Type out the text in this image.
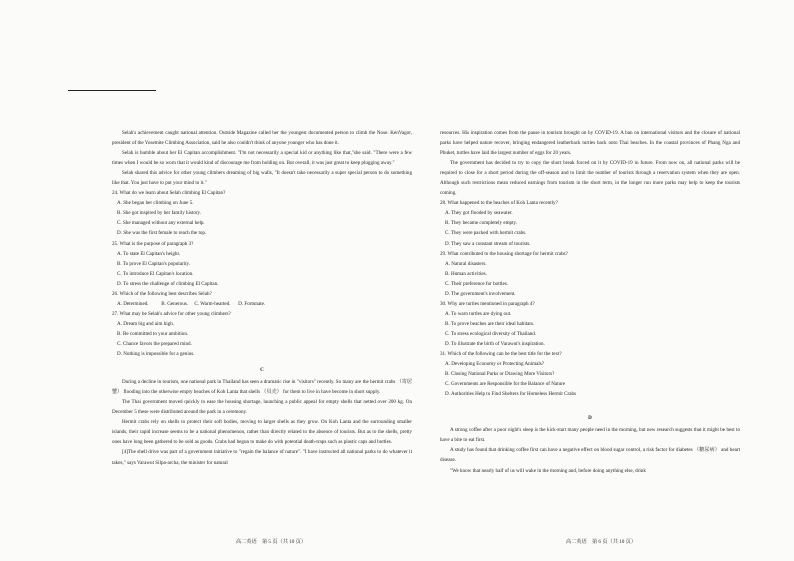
Selah's achievement caught national attention. Outside Magazine called her the youngest documented person to climb the Nose. KenVagor, president of the Yosemite Climbing Association, said he also couldn't think of anyone younger who has done it.

Selah is humble about her El Capitan accomplishment. "I'm not necessarily a special kid or anything like that,"she said. "There were a few times when I would be so worn that it would kind of discourage me from holding on. But overall, it was just great to keep plugging away."

Selah shared this advice for other young climbers dreaming of big walls, "It doesn't take necessarily a super special person to do something like that. You just have to put your mind to it."

24. What do we learn about Selah climbing El Capitan?

A. She began her climbing on June 5.

B. She got inspired by her family history.

C. She managed without any external help.

D. She was the first female to reach the top.

25. What is the purpose of paragraph 3?

A. To state El Capitan's height.

B. To prove El Capitan's popularity.

C. To introduce El Capitan's location.

D. To stress the challenge of climbing El Capitan.

26. Which of the following best describes Selah?

A. Determined.          B. Generous.     C. Warm-hearted.      D. Fortunate.

27. What may be Selah's advice for other young climbers?

A. Dream big and aim high.

B. Be committed to your ambition.

C. Chance favors the prepared mind.

D. Nothing is impossible for a genius.

C

During a decline in tourism, one national park in Thailand has seen a dramatic rise in "visitors" recently. So many are the hermit crabs （寄居蟹） flooding into the otherwise empty beaches of Koh Lanta that shells （贝壳） for them to live in have become in short supply.

The Thai government moved quickly to ease the housing shortage, launching a public appeal for empty shells that netted over 200 kg. On December 5 these were distributed around the park in a ceremony.

Hermit crabs rely on shells to protect their soft bodies, moving to larger shells as they grow. On Koh Lanta and the surrounding smaller islands, their rapid increase seems to be a national phenomenon, rather than directly related to the absence of tourists. But as to the shells, pretty ones have long been gathered to be sold as goods. Crabs had begun to make do with potential death-traps such as plastic caps and bottles.

[4]The shell drive was part of a government initiative to "regain the balance of nature". "I have instructed all national parks to do whatever it takes," says Varawut Silpa-archa, the minister for natural

resources. His inspiration comes from the pause in tourism brought on by COVID-19. A ban on international visitors and the closure of national parks have helped nature recover, bringing endangered leatherback turtles back onto Thai beaches. In the coastal provinces of Phang Nga and Phuket, turtles have laid the largest number of eggs for 20 years.

The government has decided to try to copy the short break forced on it by COVID-19 in future. From now on, all national parks will be required to close for a short period during the off-season and to limit the number of tourists through a reservation system when they are open. Although such restrictions mean reduced earnings from tourism in the short term, in the longer run more parks may help to keep the tourists coming.

28. What happened to the beaches of Koh Lanta recently?

A. They got flooded by seawater.

B. They became completely empty.

C. They were packed with hermit crabs.

D. They saw a constant stream of tourists.

29. What contributed to the housing shortage for hermit crabs?

A. Natural disasters.

B. Human activities.

C. Their preference for bottles.

D. The government's involvement.

30. Why are turtles mentioned in paragraph 4?

A. To warn turtles are dying out.

B. To prove beaches are their ideal habitats.

C. To stress ecological diversity of Thailand.

D. To illustrate the birth of Varawut's inspiration.

31. Which of the following can be the best title for the text?

A. Developing Economy or Protecting Animals?

B. Closing National Parks or Drawing More Visitors?

C. Governments are Responsible for the Balance of Nature

D. Authorities Help to Find Shelters for Homeless Hermit Crabs

D

A strong coffee after a poor night's sleep is the kick-start many people need in the morning, but new research suggests that it might be best to have a bite to eat first.

A study has found that drinking coffee first can have a negative effect on blood sugar control, a risk factor for diabetes （糖尿病） and heart disease.

"We know that nearly half of us will wake in the morning and, before doing anything else, drink

高二英语　第 5 页（共 10 页）	高二英语　第 6 页（共 10 页）
